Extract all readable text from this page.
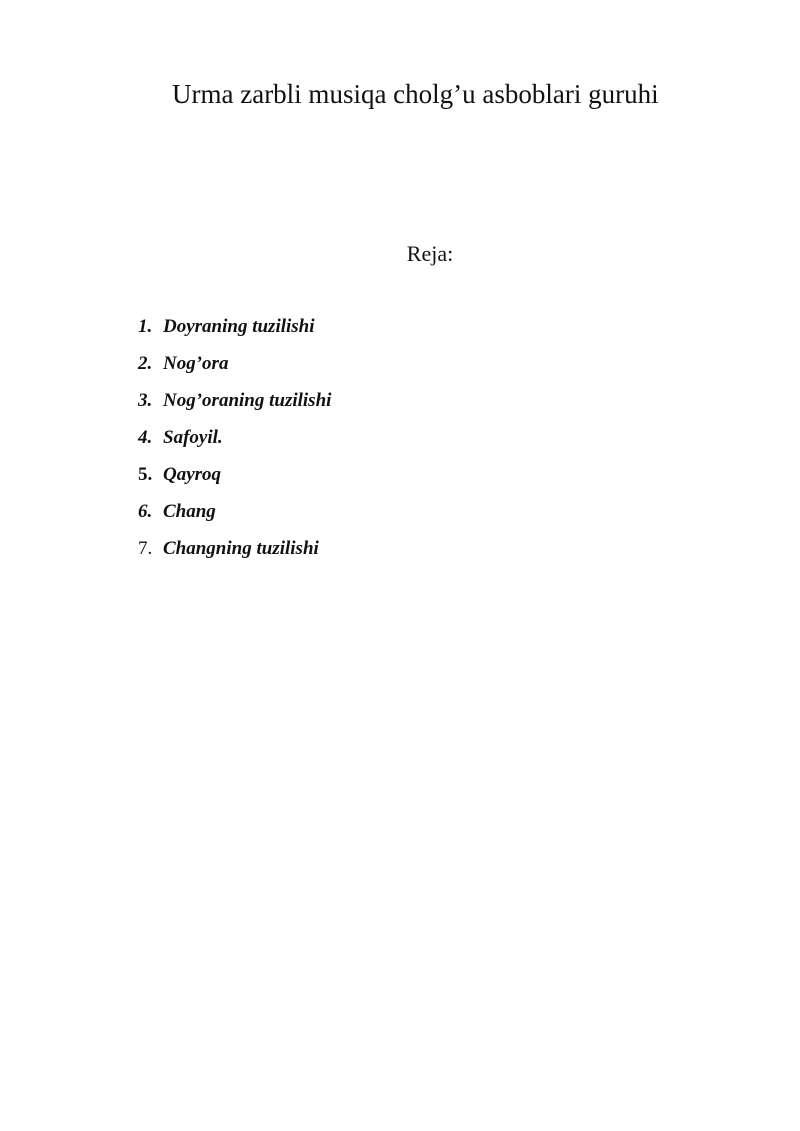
Urma zarbli musiqa cholg’u asboblari guruhi
Reja:
1. Doyraning tuzilishi
2. Nog’ora
3. Nog’oraning tuzilishi
4. Safoyil.
5. Qayroq
6. Chang
7. Changning tuzilishi
